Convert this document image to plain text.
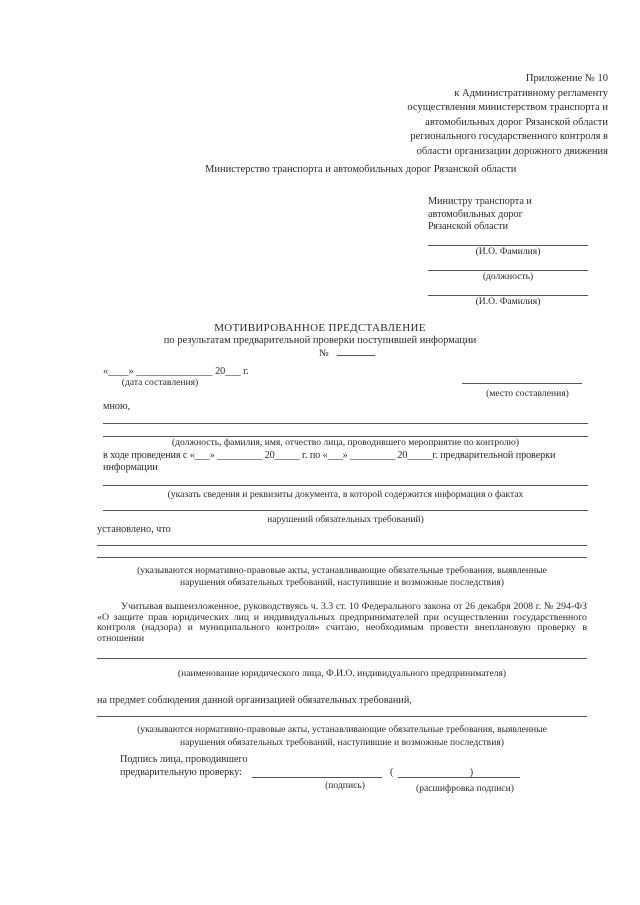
Приложение № 10
к Административному регламенту
осуществления министерством транспорта и
автомобильных дорог Рязанской области
регионального государственного контроля в
области организации дорожного движения
Министерство транспорта и автомобильных дорог Рязанской области
Министру транспорта и
автомобильных дорог
Рязанской области
(И.О. Фамилия)
(должность)
(И.О. Фамилия)
МОТИВИРОВАННОЕ ПРЕДСТАВЛЕНИЕ
по результатам предварительной проверки поступившей информации
№
«____» _______________ 20___ г.
(дата составления)
(место составления)
мною,
(должность, фамилия, имя, отчество лица, проводившего мероприятие по контролю)
в ходе проведения с «___» _________ 20_____ г. по «___» _________ 20_____г. предварительной проверки
информации
(указать сведения и реквизиты документа, в которой содержится информация о фактах
нарушений обязательных требований)
установлено, что
(указываются нормативно-правовые акты, устанавливающие обязательные требования, выявленные
нарушения обязательных требований, наступившие и возможные последствия)
Учитывая вышеизложенное, руководствуясь ч. 3.3 ст. 10 Федерального закона от 26 декабря 2008 г. № 294-ФЗ «О защите прав юридических лиц и индивидуальных предпринимателей при осуществлении государственного контроля (надзора) и муниципального контроля» считаю, необходимым провести внеплановую проверку в отношении
(наименование юридического лица, Ф.И.О. индивидуального предпринимателя)
на предмет соблюдения данной организацией обязательных требований,
(указываются нормативно-правовые акты, устанавливающие обязательные требования, выявленные
нарушения обязательных требований, наступившие и возможные последствия)
Подпись лица, проводившего
предварительную проверку:	(                              )
(подпись)	(расшифровка подписи)
